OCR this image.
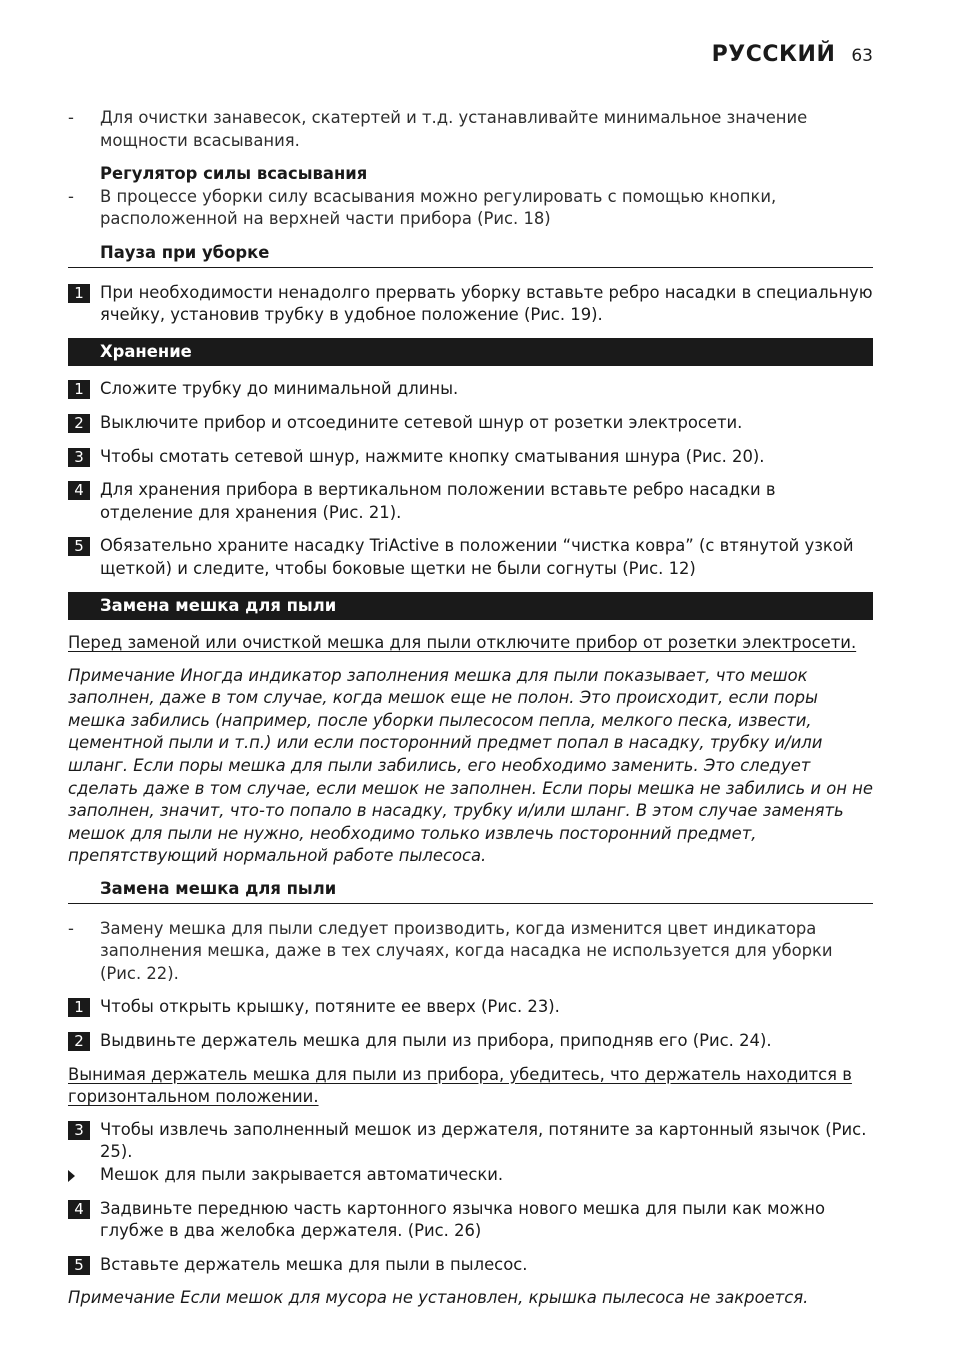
РУССКИЙ 63
- Для очистки занавесок, скатертей и т.д. устанавливайте минимальное значение мощности всасывания.
Регулятор силы всасывания
- В процессе уборки силу всасывания можно регулировать с помощью кнопки, расположенной на верхней части прибора (Рис. 18)
Пауза при уборке
1 При необходимости ненадолго прервать уборку вставьте ребро насадки в специальную ячейку, установив трубку в удобное положение (Рис. 19).
Хранение
1 Сложите трубку до минимальной длины.
2 Выключите прибор и отсоедините сетевой шнур от розетки электросети.
3 Чтобы смотать сетевой шнур, нажмите кнопку сматывания шнура (Рис. 20).
4 Для хранения прибора в вертикальном положении вставьте ребро насадки в отделение для хранения (Рис. 21).
5 Обязательно храните насадку TriActive в положении “чистка ковра” (с втянутой узкой щеткой) и следите, чтобы боковые щетки не были согнуты (Рис. 12)
Замена мешка для пыли
Перед заменой или очисткой мешка для пыли отключите прибор от розетки электросети.
Примечание Иногда индикатор заполнения мешка для пыли показывает, что мешок заполнен, даже в том случае, когда мешок еще не полон. Это происходит, если поры мешка забились (например, после уборки пылесосом пепла, мелкого песка, извести, цементной пыли и т.п.) или если посторонний предмет попал в насадку, трубку и/или шланг. Если поры мешка для пыли забились, его необходимо заменить. Это следует сделать даже в том случае, если мешок не заполнен. Если поры мешка не забились и он не заполнен, значит, что-то попало в насадку, трубку и/или шланг. В этом случае заменять мешок для пыли не нужно, необходимо только извлечь посторонний предмет, препятствующий нормальной работе пылесоса.
Замена мешка для пыли
- Замену мешка для пыли следует производить, когда изменится цвет индикатора заполнения мешка, даже в тех случаях, когда насадка не используется для уборки (Рис. 22).
1 Чтобы открыть крышку, потяните ее вверх (Рис. 23).
2 Выдвиньте держатель мешка для пыли из прибора, приподняв его (Рис. 24).
Вынимая держатель мешка для пыли из прибора, убедитесь, что держатель находится в горизонтальном положении.
3 Чтобы извлечь заполненный мешок из держателя, потяните за картонный язычок (Рис. 25).
Мешок для пыли закрывается автоматически.
4 Задвиньте переднюю часть картонного язычка нового мешка для пыли как можно глубже в два желобка держателя. (Рис. 26)
5 Вставьте держатель мешка для пыли в пылесос.
Примечание Если мешок для мусора не установлен, крышка пылесоса не закроется.
